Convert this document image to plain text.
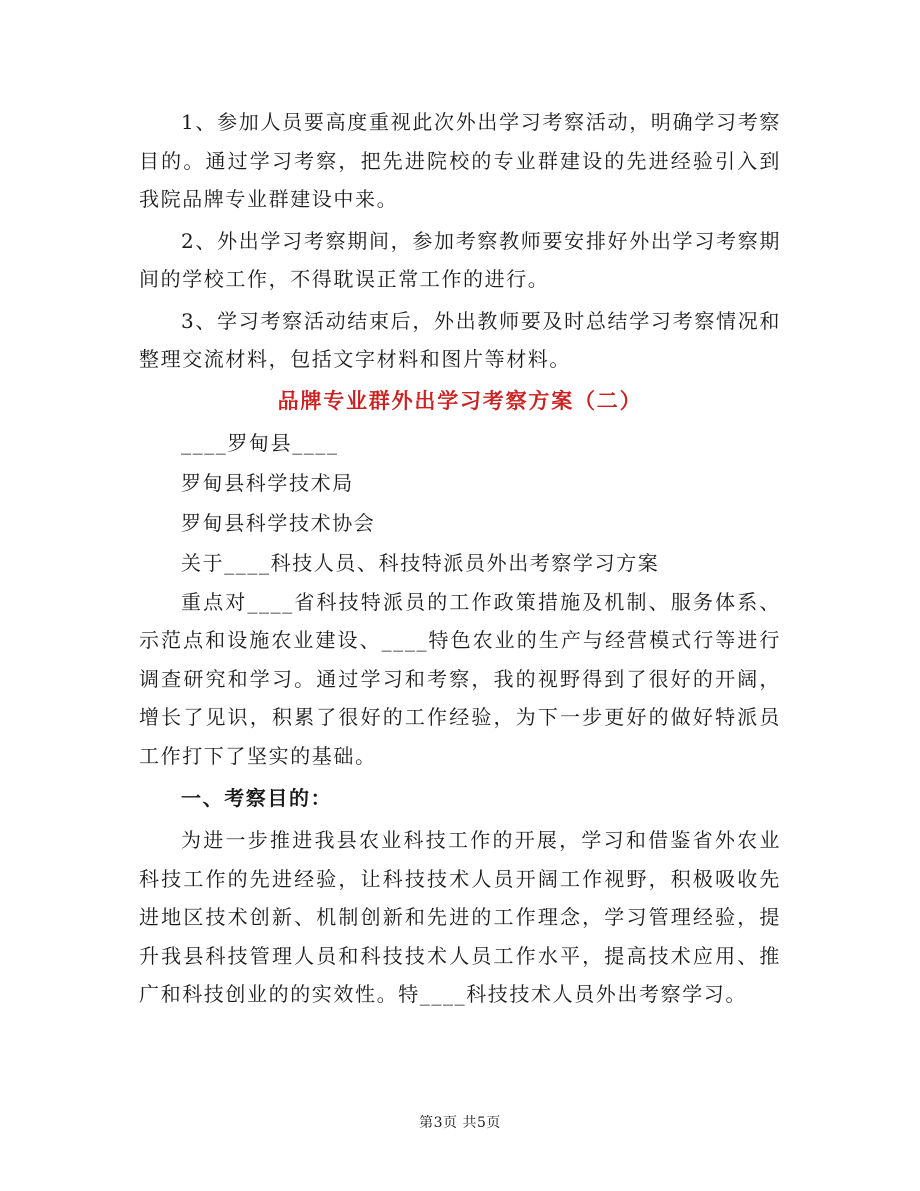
1、参加人员要高度重视此次外出学习考察活动，明确学习考察目的。通过学习考察，把先进院校的专业群建设的先进经验引入到我院品牌专业群建设中来。

2、外出学习考察期间，参加考察教师要安排好外出学习考察期间的学校工作，不得耽误正常工作的进行。

3、学习考察活动结束后，外出教师要及时总结学习考察情况和整理交流材料，包括文字材料和图片等材料。

品牌专业群外出学习考察方案（二）

____罗甸县____

罗甸县科学技术局

罗甸县科学技术协会

关于____科技人员、科技特派员外出考察学习方案

重点对____省科技特派员的工作政策措施及机制、服务体系、示范点和设施农业建设、____特色农业的生产与经营模式行等进行调查研究和学习。通过学习和考察，我的视野得到了很好的开阔，增长了见识，积累了很好的工作经验，为下一步更好的做好特派员工作打下了坚实的基础。

一、考察目的：

为进一步推进我县农业科技工作的开展，学习和借鉴省外农业科技工作的先进经验，让科技技术人员开阔工作视野，积极吸收先进地区技术创新、机制创新和先进的工作理念，学习管理经验，提升我县科技管理人员和科技技术人员工作水平，提高技术应用、推广和科技创业的的实效性。特____科技技术人员外出考察学习。

第3页 共5页
